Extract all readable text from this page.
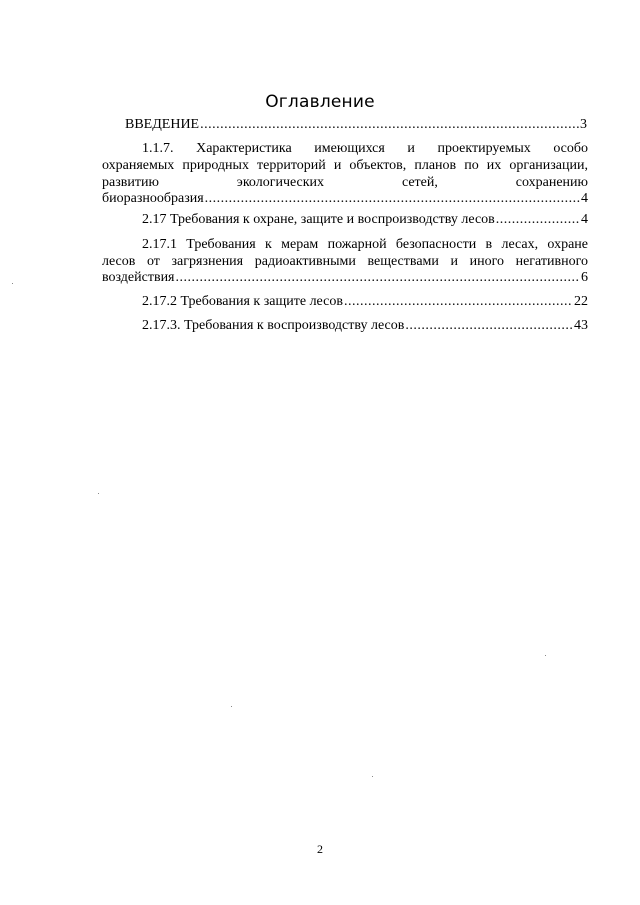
Оглавление
ВВЕДЕНИЕ .....	3
1.1.7. Характеристика имеющихся и проектируемых особо
охраняемых природных территорий и объектов, планов по их организации,
развитию экологических сетей, сохранению
биоразнообразия .....	4
2.17 Требования к охране, защите и воспроизводству лесов .....	4
2.17.1 Требования к мерам пожарной безопасности в лесах, охране
лесов от загрязнения радиоактивными веществами и иного негативного
воздействия .....	6
2.17.2 Требования к защите лесов .....	22
2.17.3. Требования к воспроизводству лесов .....	43
2
